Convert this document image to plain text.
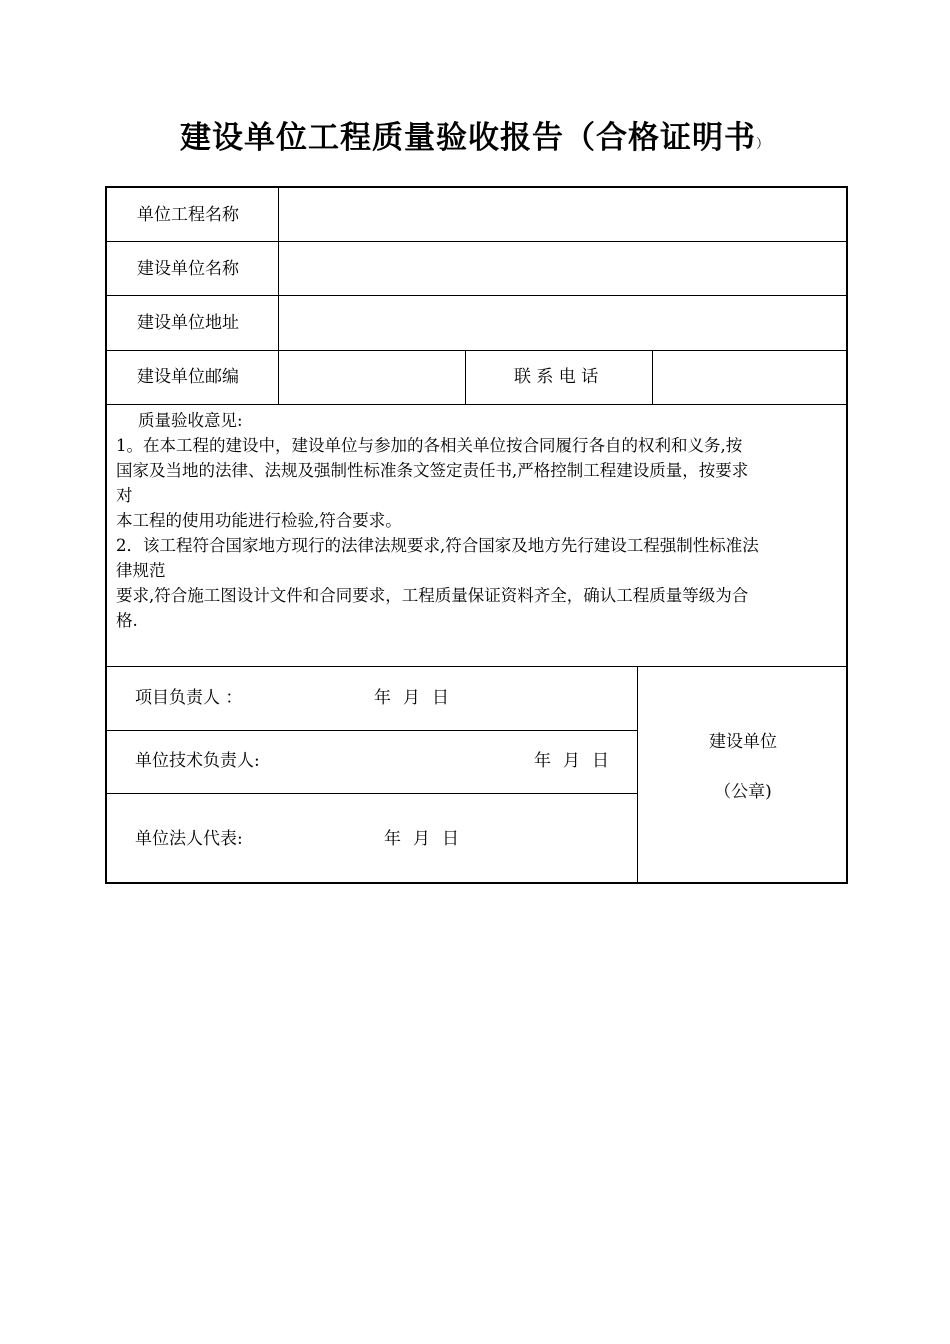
建设单位工程质量验收报告（合格证明书）
单位工程名称
建设单位名称
建设单位地址
建设单位邮编	联 系 电 话
质量验收意见:
1。在本工程的建设中，建设单位与参加的各相关单位按合同履行各自的权利和义务,按
国家及当地的法律、法规及强制性标准条文签定责任书,严格控制工程建设质量，按要求
对
本工程的使用功能进行检验,符合要求。
2．该工程符合国家地方现行的法律法规要求,符合国家及地方先行建设工程强制性标准法
律规范
要求,符合施工图设计文件和合同要求，工程质量保证资料齐全，确认工程质量等级为合
格.
项目负责人 ：	年 月 日
单位技术负责人:	年 月 日
单位法人代表:	年 月 日
建设单位
（公章)
